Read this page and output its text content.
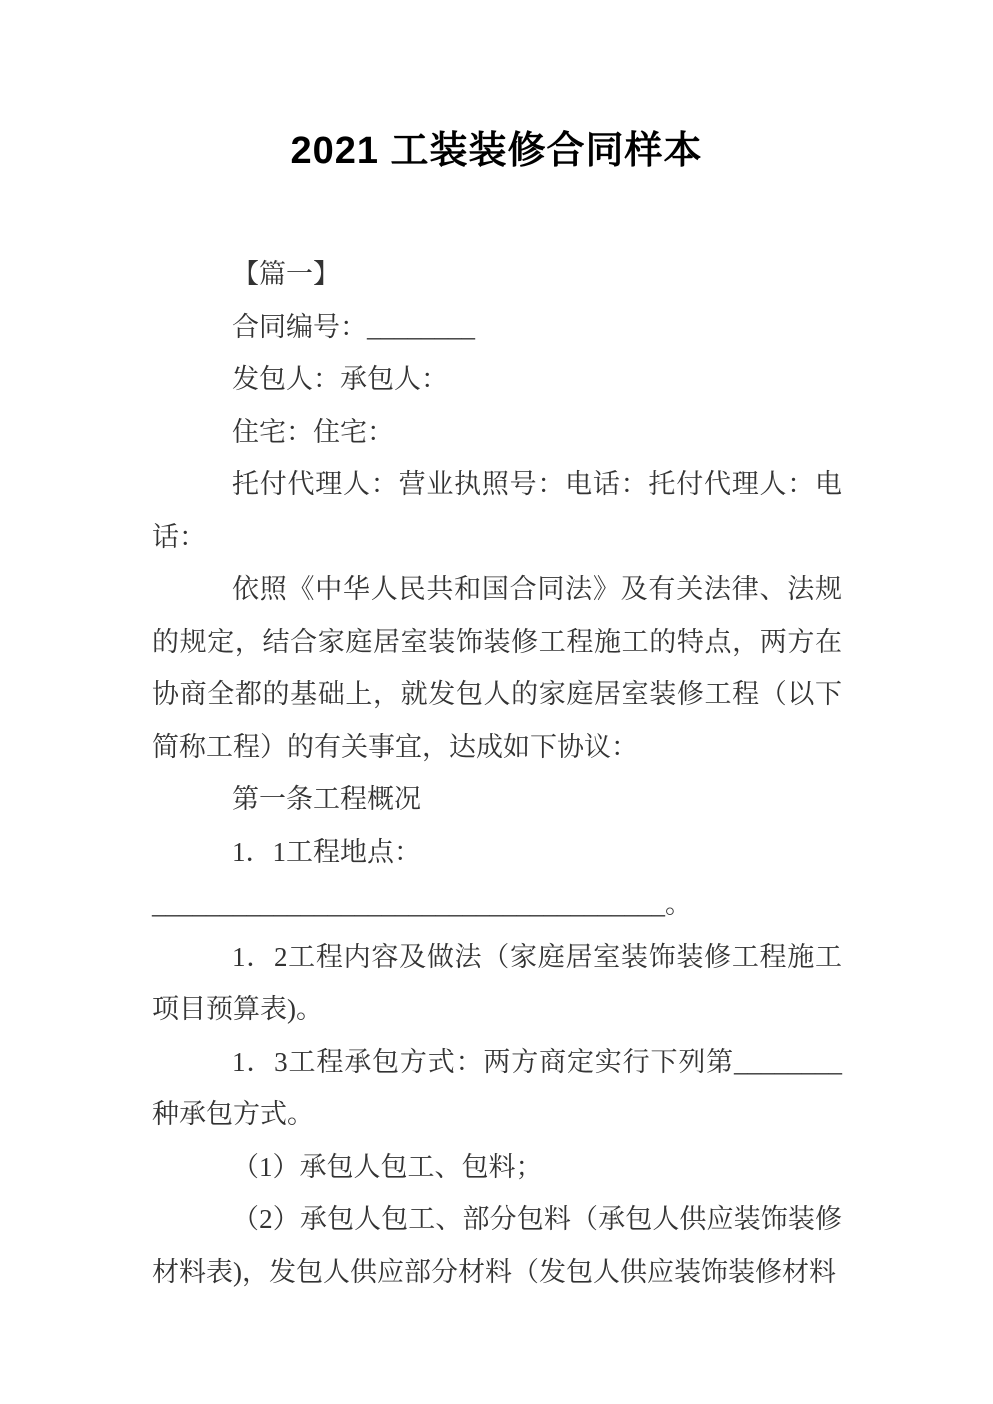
2021 工装装修合同样本

【篇一】

合同编号：________

发包人：承包人：

住宅：住宅：

托付代理人：营业执照号：电话：托付代理人：电话：

依照《中华人民共和国合同法》及有关法律、法规的规定，结合家庭居室装饰装修工程施工的特点，两方在协商全都的基础上，就发包人的家庭居室装修工程（以下简称工程）的有关事宜，达成如下协议：

第一条工程概况

1．1工程地点：

______________________________________。

1．2工程内容及做法（家庭居室装饰装修工程施工项目预算表)。

1．3工程承包方式：两方商定实行下列第________种承包方式。

（1）承包人包工、包料；

（2）承包人包工、部分包料（承包人供应装饰装修材料表)，发包人供应部分材料（发包人供应装饰装修材料
